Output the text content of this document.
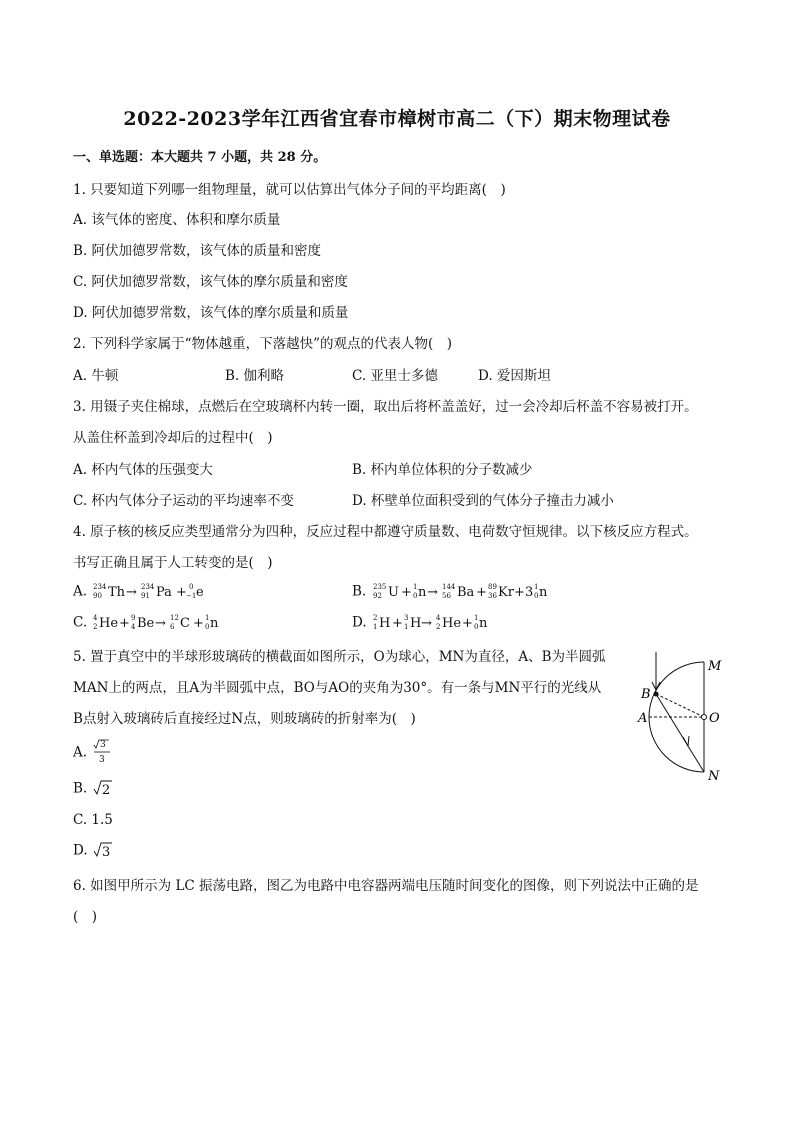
2022-2023学年江西省宜春市樟树市高二（下）期末物理试卷
一、单选题：本大题共 7 小题，共 28 分。
1. 只要知道下列哪一组物理量，就可以估算出气体分子间的平均距离(　)
A. 该气体的密度、体积和摩尔质量
B. 阿伏加德罗常数，该气体的质量和密度
C. 阿伏加德罗常数，该气体的摩尔质量和密度
D. 阿伏加德罗常数，该气体的摩尔质量和质量
2. 下列科学家属于“物体越重，下落越快”的观点的代表人物(　)
A. 牛顿	B. 伽利略	C. 亚里士多德	D. 爱因斯坦
3. 用镊子夹住棉球，点燃后在空玻璃杯内转一圈，取出后将杯盖盖好，过一会冷却后杯盖不容易被打开。
从盖住杯盖到冷却后的过程中(　)
A. 杯内气体的压强变大	B. 杯内单位体积的分子数减少
C. 杯内气体分子运动的平均速率不变	D. 杯壁单位面积受到的气体分子撞击力减小
4. 原子核的核反应类型通常分为四种，反应过程中都遵守质量数、电荷数守恒规律。以下核反应方程式。
书写正确且属于人工转变的是(　)
A. 234
90 Th → 234
91 Pa + 0
−1 e	B. 235
92 U + 1
0 n → 144
56 Ba + 89
36 Kr + 3 1
0 n
C. 4
2 He + 9
4 Be → 12
6 C + 1
0 n	D. 2
1 H + 3
1 H → 4
2 He + 1
0 n
5. 置于真空中的半球形玻璃砖的横截面如图所示，O为球心，MN为直径，A、B为半圆弧
MAN上的两点，且A为半圆弧中点，BO与AO的夹角为30°。有一条与MN平行的光线从
B点射入玻璃砖后直接经过N点，则玻璃砖的折射率为(　)
A. 3
3
B. 2
C. 1.5
D. 3
M
B
A	O
N
6. 如图甲所示为 LC 振荡电路，图乙为电路中电容器两端电压随时间变化的图像，则下列说法中正确的是
(　)
